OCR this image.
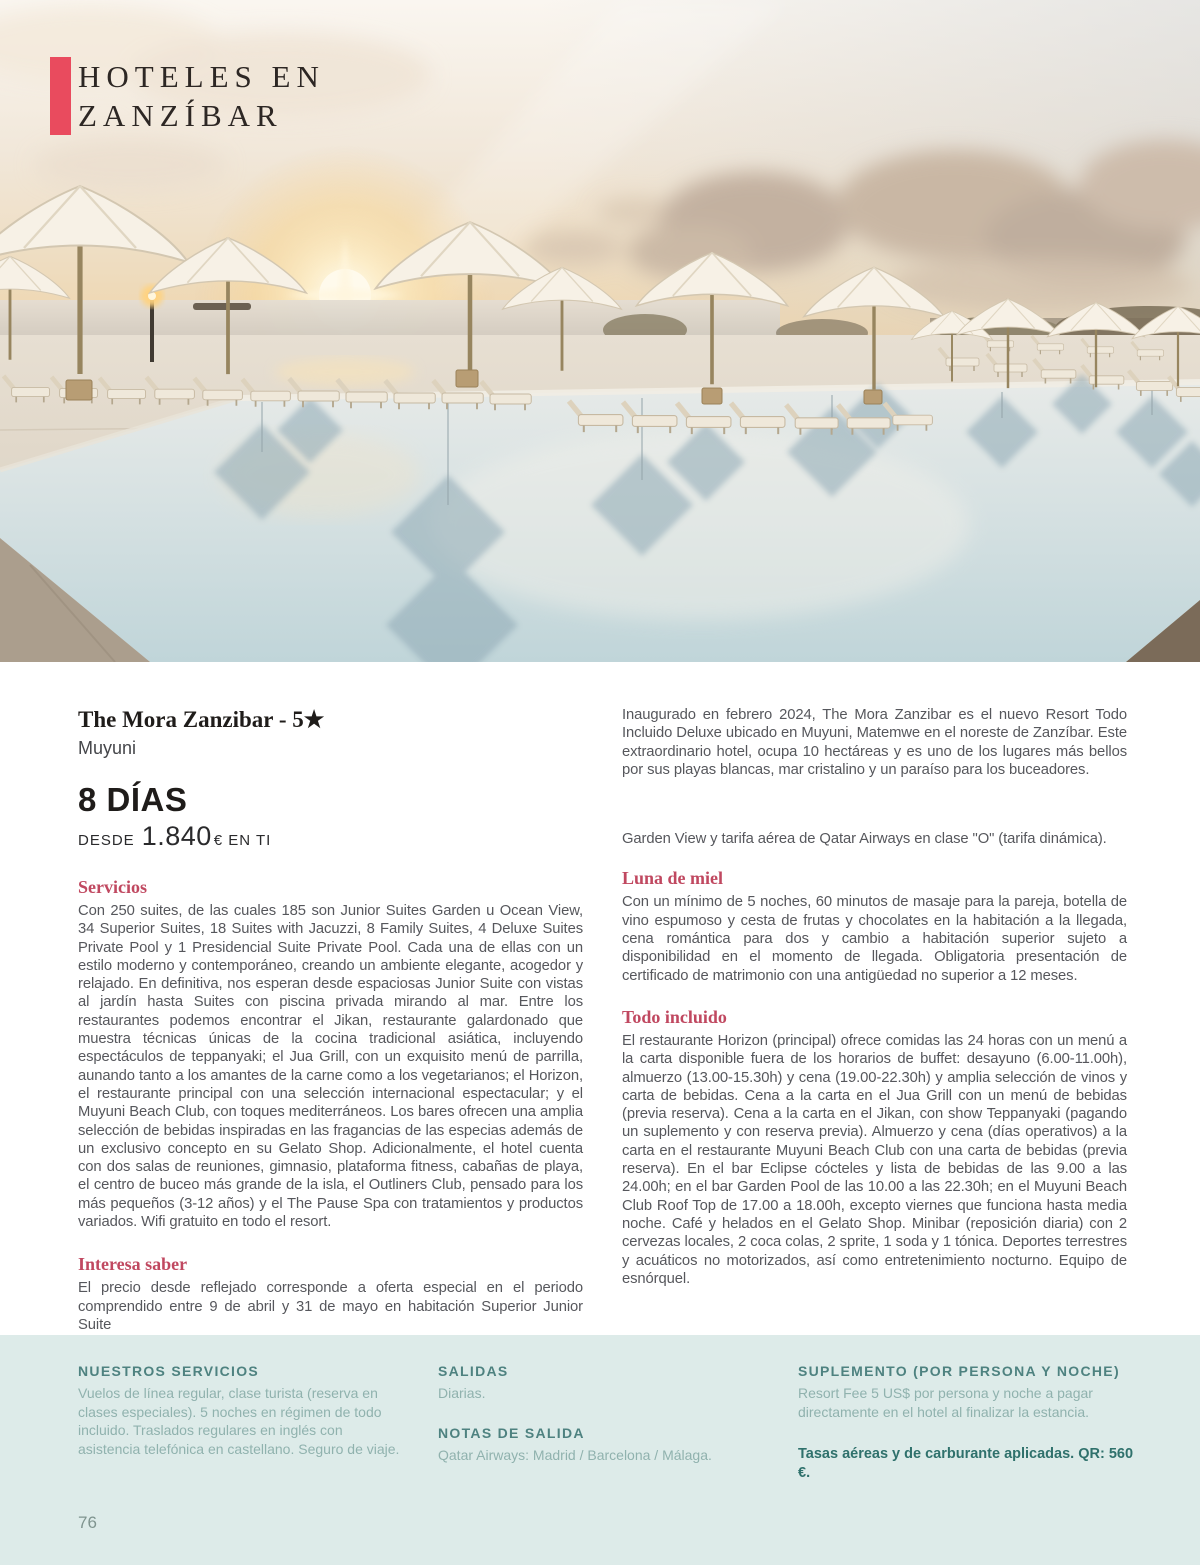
HOTELES EN
ZANZÍBAR
The Mora Zanzibar - 5★
Muyuni
8 DÍAS
DESDE 1.840 € EN TI
Servicios

Con 250 suites, de las cuales 185 son Junior Suites Garden u Ocean View, 34 Superior Suites, 18 Suites with Jacuzzi, 8 Family Suites, 4 Deluxe Suites Private Pool y 1 Presidencial Suite Private Pool. Cada una de ellas con un estilo moderno y contemporáneo, creando un ambiente elegante, acogedor y relajado. En definitiva, nos esperan desde espaciosas Junior Suite con vistas al jardín hasta Suites con piscina privada mirando al mar. Entre los restaurantes podemos encontrar el Jikan, restaurante galardonado que muestra técnicas únicas de la cocina tradicional asiática, incluyendo espectáculos de teppanyaki; el Jua Grill, con un exquisito menú de parrilla, aunando tanto a los amantes de la carne como a los vegetarianos; el Horizon, el restaurante principal con una selección internacional espectacular; y el Muyuni Beach Club, con toques mediterráneos. Los bares ofrecen una amplia selección de bebidas inspiradas en las fragancias de las especias además de un exclusivo concepto en su Gelato Shop. Adicionalmente, el hotel cuenta con dos salas de reuniones, gimnasio, plataforma fitness, cabañas de playa, el centro de buceo más grande de la isla, el Outliners Club, pensado para los más pequeños (3-12 años) y el The Pause Spa con tratamientos y productos variados. Wifi gratuito en todo el resort.

Interesa saber

El precio desde reflejado corresponde a oferta especial en el periodo comprendido entre 9 de abril y 31 de mayo en habitación Superior Junior Suite

Inaugurado en febrero 2024, The Mora Zanzibar es el nuevo Resort Todo Incluido Deluxe ubicado en Muyuni, Matemwe en el noreste de Zanzíbar. Este extraordinario hotel, ocupa 10 hectáreas y es uno de los lugares más bellos por sus playas blancas, mar cristalino y un paraíso para los buceadores.

Garden View y tarifa aérea de Qatar Airways en clase "O" (tarifa dinámica).

Luna de miel

Con un mínimo de 5 noches, 60 minutos de masaje para la pareja, botella de vino espumoso y cesta de frutas y chocolates en la habitación a la llegada, cena romántica para dos y cambio a habitación superior sujeto a disponibilidad en el momento de llegada. Obligatoria presentación de certificado de matrimonio con una antigüedad no superior a 12 meses.

Todo incluido

El restaurante Horizon (principal) ofrece comidas las 24 horas con un menú a la carta disponible fuera de los horarios de buffet: desayuno (6.00-11.00h), almuerzo (13.00-15.30h) y cena (19.00-22.30h) y amplia selección de vinos y carta de bebidas. Cena a la carta en el Jua Grill con un menú de bebidas (previa reserva). Cena a la carta en el Jikan, con show Teppanyaki (pagando un suplemento y con reserva previa). Almuerzo y cena (días operativos) a la carta en el restaurante Muyuni Beach Club con una carta de bebidas (previa reserva). En el bar Eclipse cócteles y lista de bebidas de las 9.00 a las 24.00h; en el bar Garden Pool de las 10.00 a las 22.30h; en el Muyuni Beach Club Roof Top de 17.00 a 18.00h, excepto viernes que funciona hasta media noche. Café y helados en el Gelato Shop. Minibar (reposición diaria) con 2 cervezas locales, 2 coca colas, 2 sprite, 1 soda y 1 tónica. Deportes terrestres y acuáticos no motorizados, así como entretenimiento nocturno. Equipo de esnórquel.

NUESTROS SERVICIOS

Vuelos de línea regular, clase turista (reserva en clases especiales). 5 noches en régimen de todo incluido. Traslados regulares en inglés con asistencia telefónica en castellano. Seguro de viaje.

SALIDAS

Diarias.

NOTAS DE SALIDA

Qatar Airways: Madrid / Barcelona / Málaga.

SUPLEMENTO (POR PERSONA Y NOCHE)

Resort Fee 5 US$ por persona y noche a pagar directamente en el hotel al finalizar la estancia.

Tasas aéreas y de carburante aplicadas. QR: 560 €.

76
